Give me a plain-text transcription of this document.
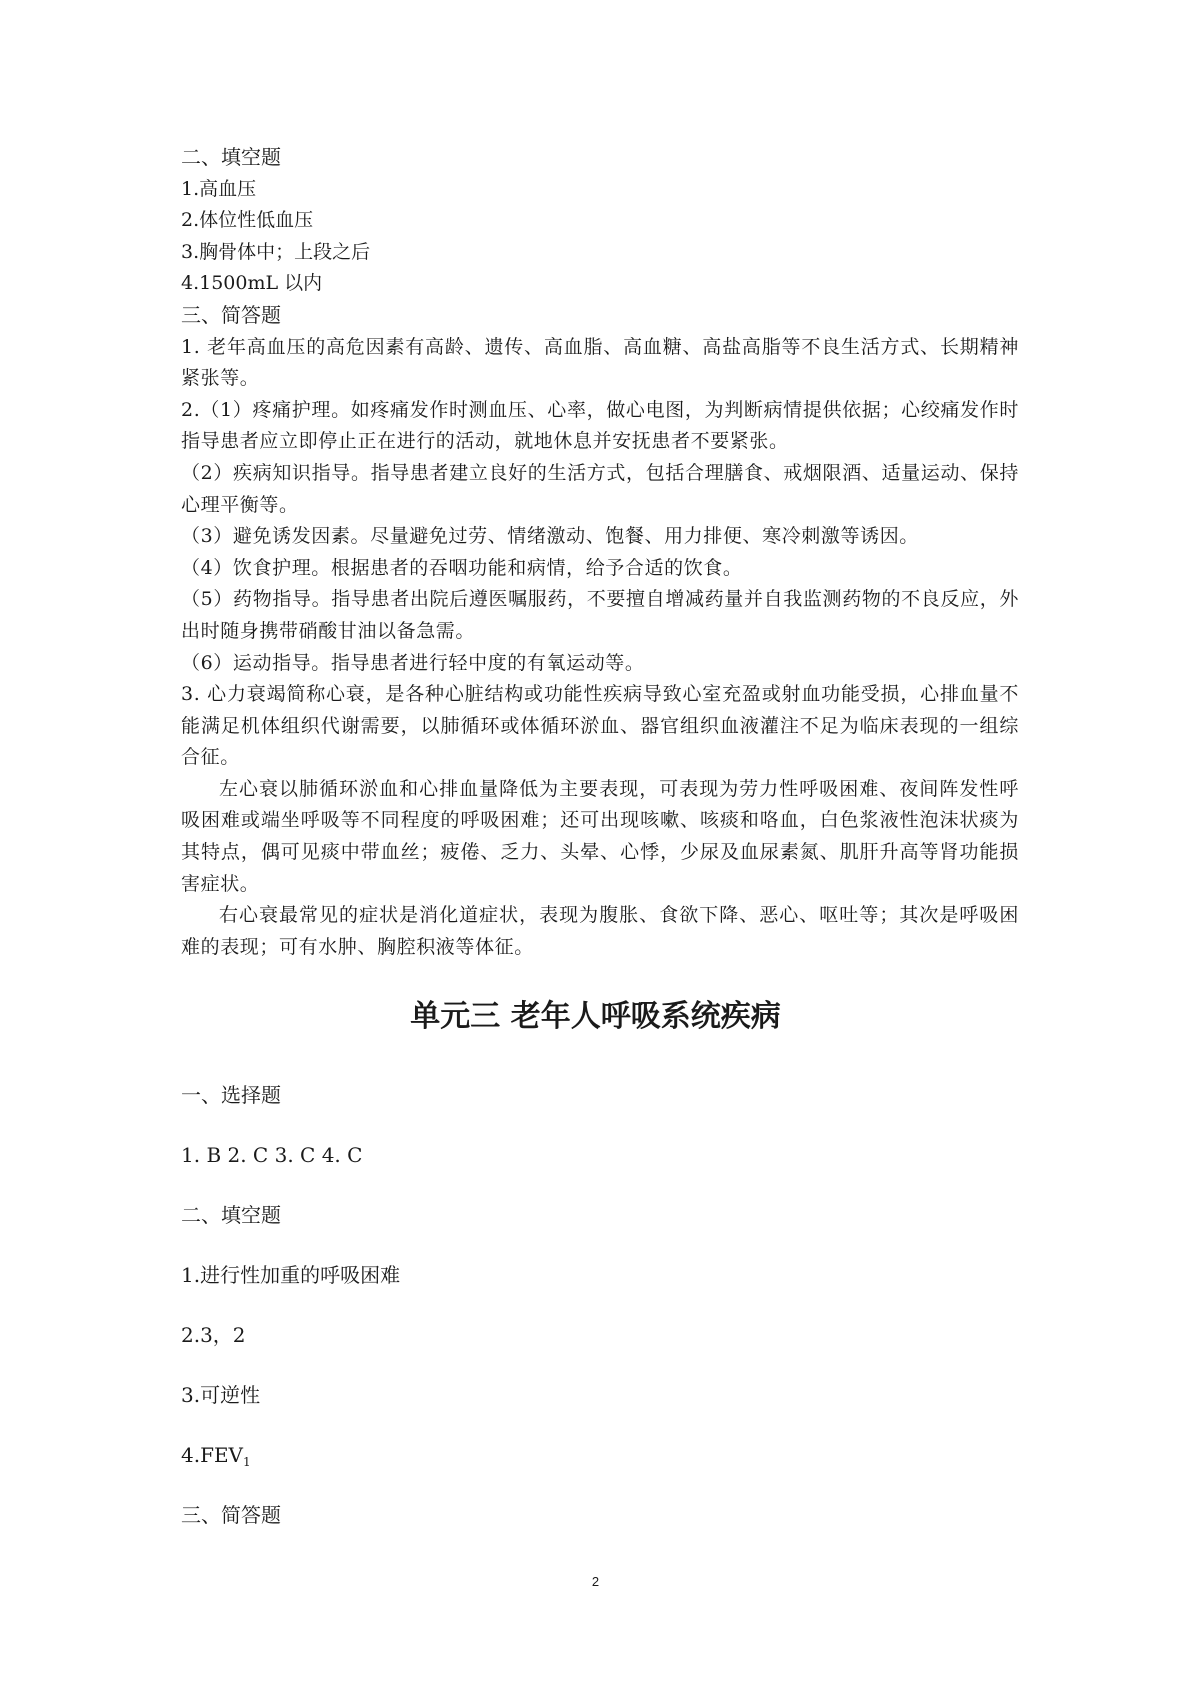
二、填空题

1.高血压

2.体位性低血压

3.胸骨体中；上段之后

4.1500mL 以内

三、简答题

1. 老年高血压的高危因素有高龄、遗传、高血脂、高血糖、高盐高脂等不良生活方式、长期精神紧张等。

2.（1）疼痛护理。如疼痛发作时测血压、心率，做心电图，为判断病情提供依据；心绞痛发作时指导患者应立即停止正在进行的活动，就地休息并安抚患者不要紧张。

（2）疾病知识指导。指导患者建立良好的生活方式，包括合理膳食、戒烟限酒、适量运动、保持心理平衡等。

（3）避免诱发因素。尽量避免过劳、情绪激动、饱餐、用力排便、寒冷刺激等诱因。

（4）饮食护理。根据患者的吞咽功能和病情，给予合适的饮食。

（5）药物指导。指导患者出院后遵医嘱服药，不要擅自增减药量并自我监测药物的不良反应，外出时随身携带硝酸甘油以备急需。

（6）运动指导。指导患者进行轻中度的有氧运动等。

3. 心力衰竭简称心衰，是各种心脏结构或功能性疾病导致心室充盈或射血功能受损，心排血量不能满足机体组织代谢需要，以肺循环或体循环淤血、器官组织血液灌注不足为临床表现的一组综合征。

左心衰以肺循环淤血和心排血量降低为主要表现，可表现为劳力性呼吸困难、夜间阵发性呼吸困难或端坐呼吸等不同程度的呼吸困难；还可出现咳嗽、咳痰和咯血，白色浆液性泡沫状痰为其特点，偶可见痰中带血丝；疲倦、乏力、头晕、心悸，少尿及血尿素氮、肌肝升高等肾功能损害症状。

右心衰最常见的症状是消化道症状，表现为腹胀、食欲下降、恶心、呕吐等；其次是呼吸困难的表现；可有水肿、胸腔积液等体征。

单元三 老年人呼吸系统疾病

一、选择题

1. B 2. C 3. C 4. C

二、填空题

1.进行性加重的呼吸困难

2.3，2

3.可逆性

$4.FEV_1$

三、简答题

2
